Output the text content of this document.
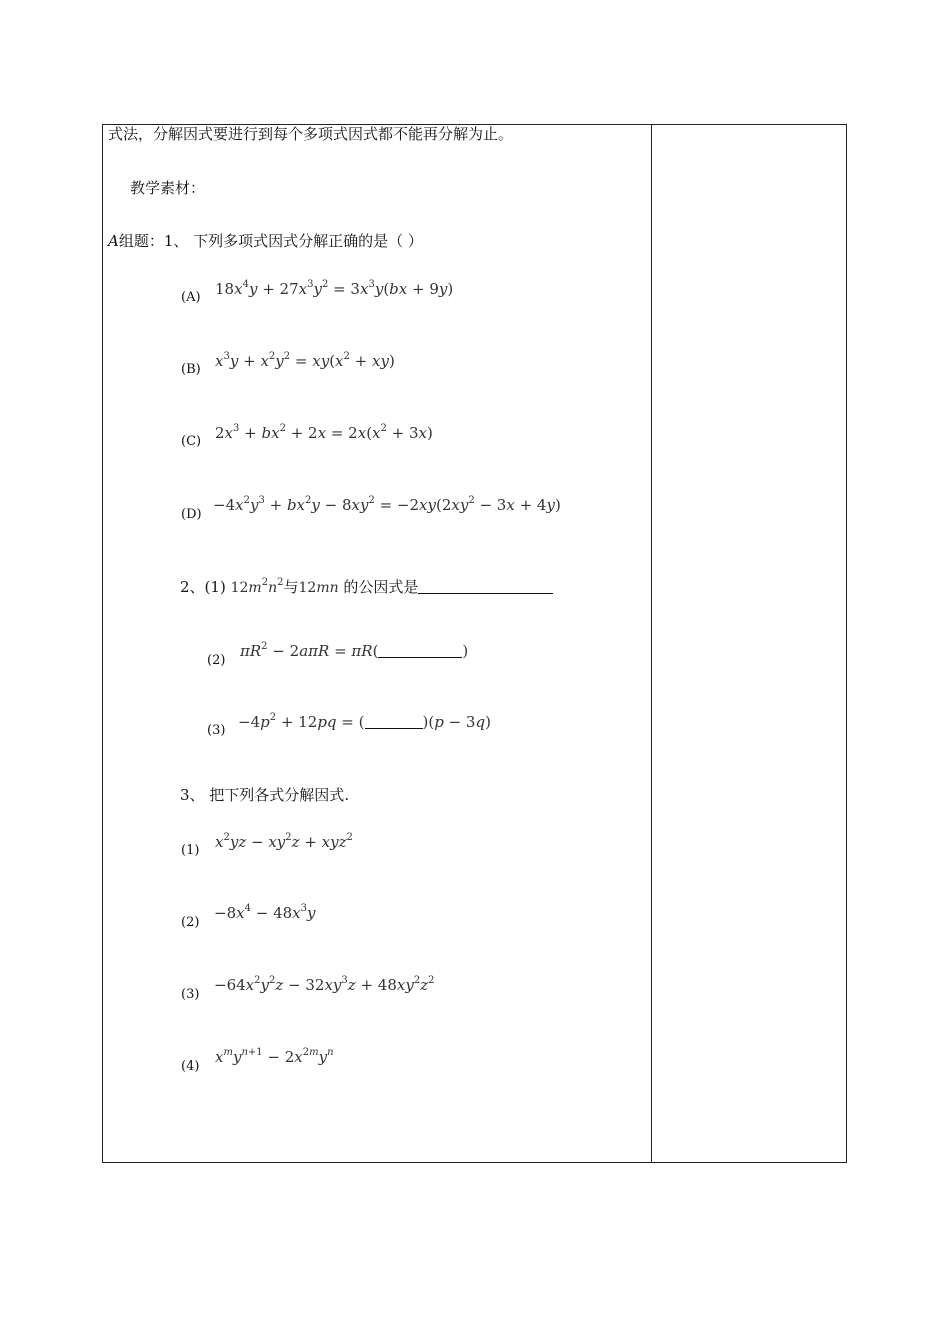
式法，分解因式要进行到每个多项式因式都不能再分解为止。
教学素材：
A组题：1、 下列多项式因式分解正确的是（ ）
(A) $18x^4y + 27x^3y^2 = 3x^3y(bx + 9y)$
(B) $x^3y + x^2y^2 = xy(x^2 + xy)$
(C) $2x^3 + bx^2 + 2x = 2x(x^2 + 3x)$
(D)
$-4x^2y^3 + bx^2y - 8xy^2 = -2xy(2xy^2 - 3x + 4y)$
2、(1) $12m^2n^2$与12mn 的公因式是
(2)
$\pi R^2 - 2a\pi R = \pi R$(	)
$(3) -4p^2 + 12pq$ = (	)(p − 3q)
3、 把下列各式分解因式.
(1) $x^2yz - xy^2z + xyz^2$
(2)
$-8x^4 - 48x^3y$
(3)
$-64x^2y^2z - 32xy^3z + 48xy^2z^2$
(4)
$x^my^{n+1} - 2x^{2m}y^n$
